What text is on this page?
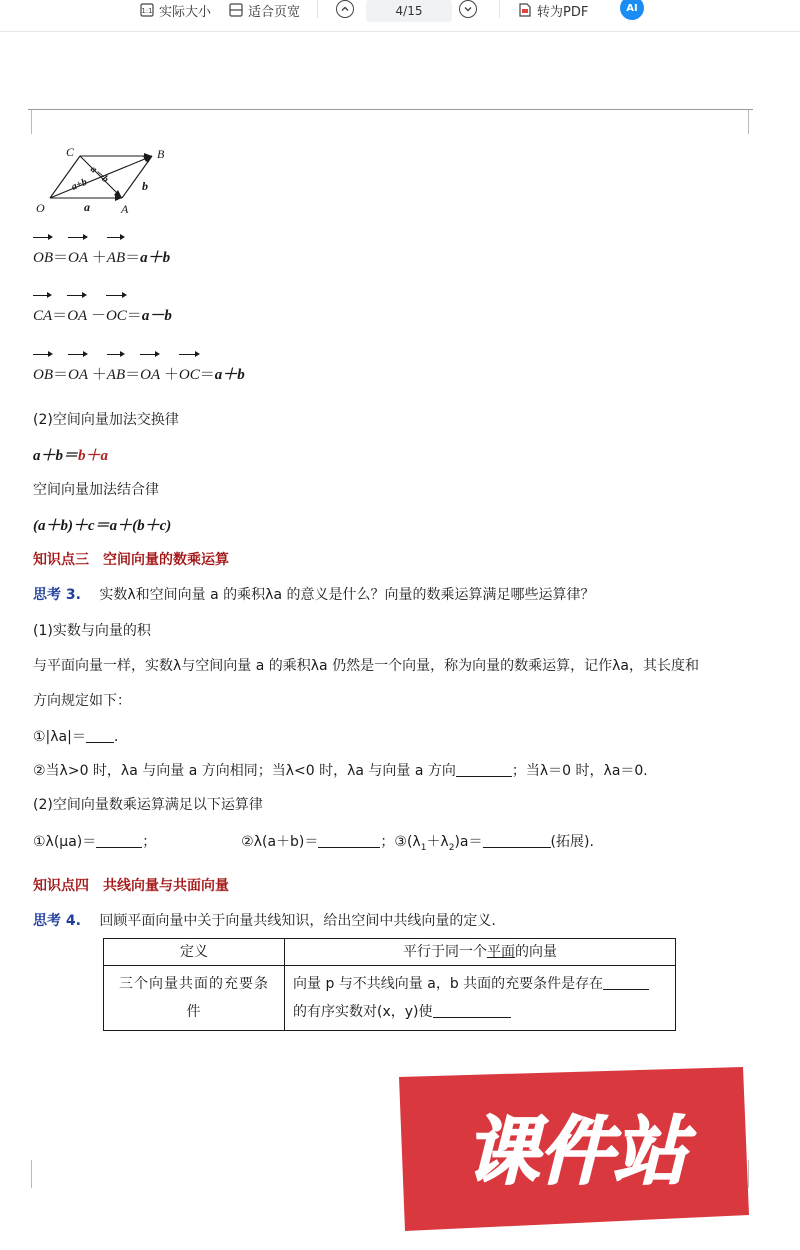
1:1 实际大小	适合页宽	4/15	转为PDF	AI
C	B
O	A
a
b
a－b
a+b
OB＝OA ＋AB＝a＋b
CA＝OA －OC＝a－b
OB＝OA ＋AB＝OA ＋OC＝a＋b
(2)空间向量加法交换律
a＋b＝b＋a
空间向量加法结合律
(a＋b)＋c＝a＋(b＋c)
知识点三　空间向量的数乘运算
思考 3. 实数λ和空间向量 a 的乘积λa 的意义是什么？向量的数乘运算满足哪些运算律？
(1)实数与向量的积
与平面向量一样，实数λ与空间向量 a 的乘积λa 仍然是一个向量，称为向量的数乘运算，记作λa，其长度和
方向规定如下：
①|λa|＝ .
②当λ>0 时，λa 与向量 a 方向相同；当λ<0 时，λa 与向量 a 方向	；当λ＝0 时，λa＝0.
(2)空间向量数乘运算满足以下运算律
①λ(μa)＝	；	②λ(a＋b)＝	；$③(\lambda_1+\lambda_2)a=$	(拓展).
知识点四　共线向量与共面向量
思考 4. 回顾平面向量中关于向量共线知识，给出空间中共线向量的定义.
定义	平行于同一个平面的向量
三个向量共面的充要条件	向量 p 与不共线向量 a，b 共面的充要条件是存在
的有序实数对(x，y)使
课件站
